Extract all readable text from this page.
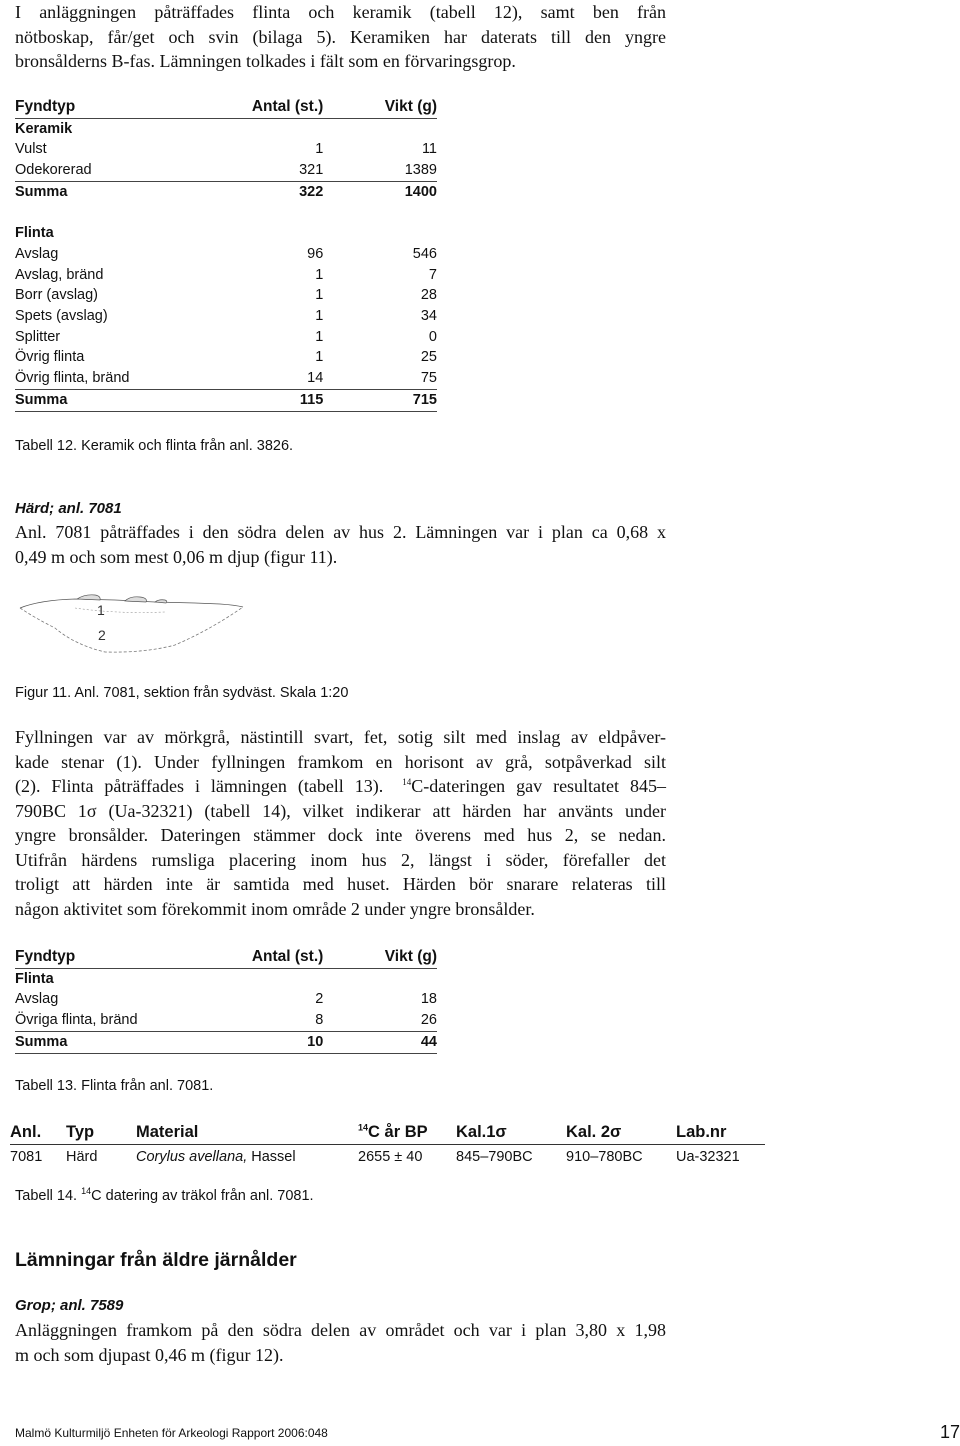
I anläggningen påträffades flinta och keramik (tabell 12), samt ben från
nötboskap, får/get och svin (bilaga 5). Keramiken har daterats till den yngre
bronsålderns B-fas. Lämningen tolkades i fält som en förvaringsgrop.
Fyndtyp	Antal (st.)	Vikt (g)
Keramik		
Vulst	1	11
Odekorerad	321	1389
Summa	322	1400

Flinta		
Avslag	96	546
Avslag, bränd	1	7
Borr (avslag)	1	28
Spets (avslag)	1	34
Splitter	1	0
Övrig flinta	1	25
Övrig flinta, bränd	14	75
Summa	115	715
Tabell 12. Keramik och flinta från anl. 3826.
Härd; anl. 7081
Anl. 7081 påträffades i den södra delen av hus 2. Lämningen var i plan ca 0,68 x
0,49 m och som mest 0,06 m djup (figur 11).
1
2
Figur 11. Anl. 7081, sektion från sydväst. Skala 1:20
Fyllningen var av mörkgrå, nästintill svart, fet, sotig silt med inslag av eldpåver-
kade stenar (1). Under fyllningen framkom en horisont av grå, sotpåverkad silt
(2). Flinta påträffades i lämningen (tabell 13). $^{14}$C-dateringen gav resultatet 845–
790BC 1σ (Ua-32321) (tabell 14), vilket indikerar att härden har använts under
yngre bronsålder. Dateringen stämmer dock inte överens med hus 2, se nedan.
Utifrån härdens rumsliga placering inom hus 2, längst i söder, förefaller det
troligt att härden inte är samtida med huset. Härden bör snarare relateras till
någon aktivitet som förekommit inom område 2 under yngre bronsålder.
Fyndtyp	Antal (st.)	Vikt (g)
Flinta		
Avslag	2	18
Övriga flinta, bränd	8	26
Summa	10	44
Tabell 13. Flinta från anl. 7081.
Anl.	Typ	Material	$^{14}$C år BP	Kal.1σ	Kal. 2σ	Lab.nr
7081	Härd	Corylus avellana, Hassel	2655 ± 40	845–790BC	910–780BC	Ua-32321
Tabell 14. $^{14}$C datering av träkol från anl. 7081.
Lämningar från äldre järnålder
Grop; anl. 7589
Anläggningen framkom på den södra delen av området och var i plan 3,80 x 1,98
m och som djupast 0,46 m (figur 12).
Malmö Kulturmiljö Enheten för Arkeologi Rapport 2006:048	17
